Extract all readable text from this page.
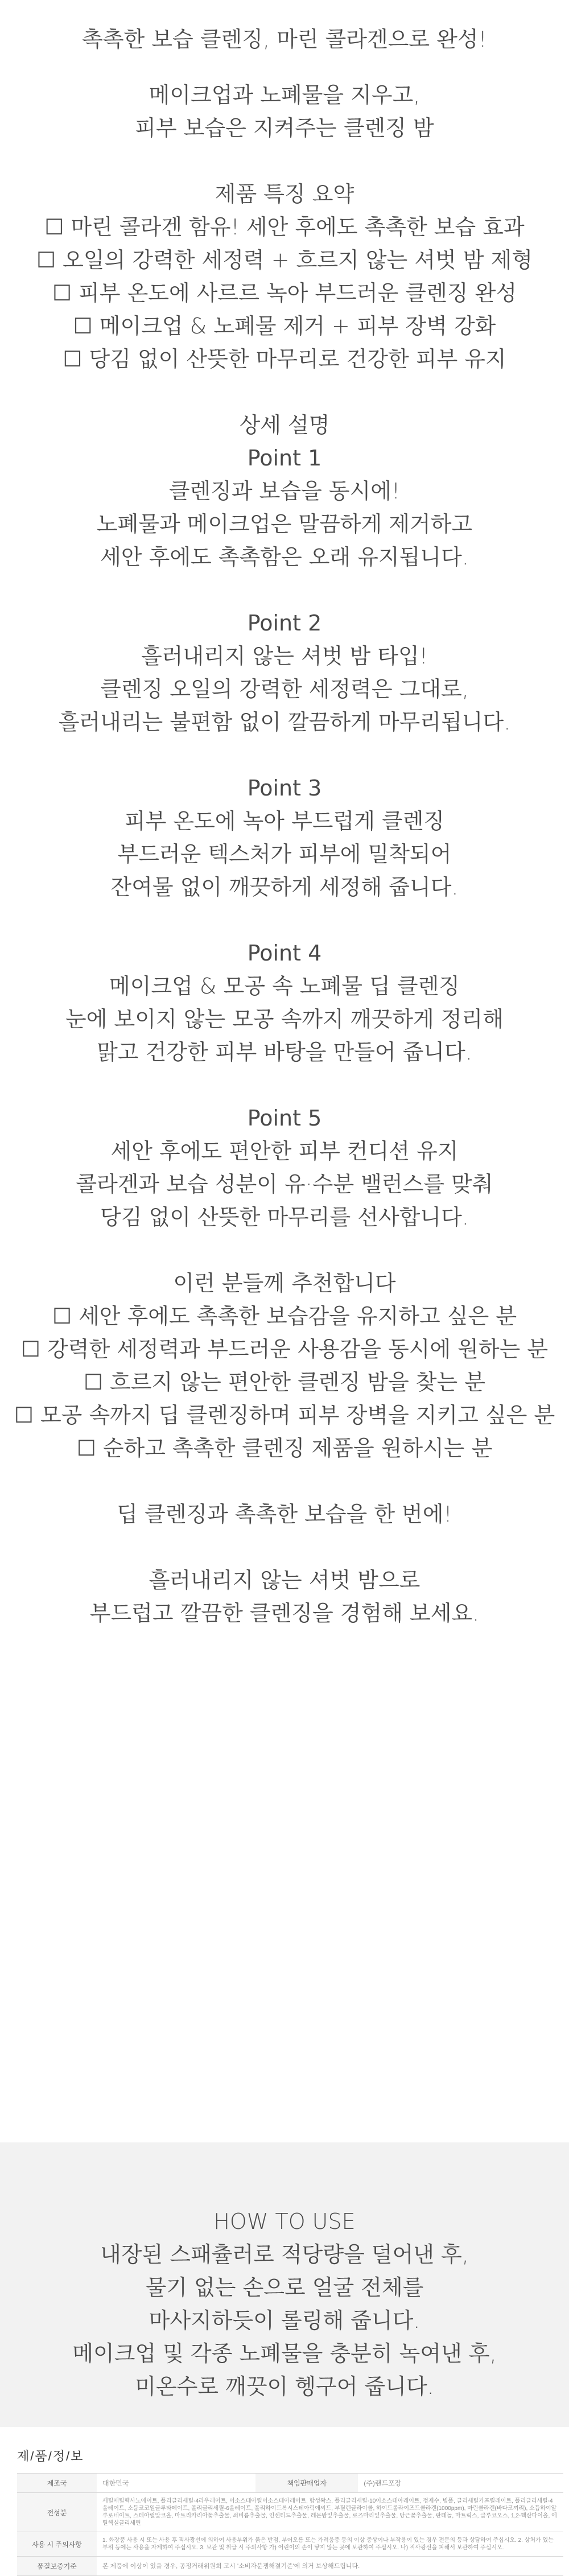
촉촉한 보습 클렌징, 마린 콜라겐으로 완성!
메이크업과 노폐물을 지우고,
피부 보습은 지켜주는 클렌징 밤
제품 특징 요약
☐ 마린 콜라겐 함유! 세안 후에도 촉촉한 보습 효과
☐ 오일의 강력한 세정력 + 흐르지 않는 셔벗 밤 제형
☐ 피부 온도에 사르르 녹아 부드러운 클렌징 완성
☐ 메이크업 & 노폐물 제거 + 피부 장벽 강화
☐ 당김 없이 산뜻한 마무리로 건강한 피부 유지
상세 설명
Point 1
클렌징과 보습을 동시에!
노폐물과 메이크업은 말끔하게 제거하고
세안 후에도 촉촉함은 오래 유지됩니다.
Point 2
흘러내리지 않는 셔벗 밤 타입!
클렌징 오일의 강력한 세정력은 그대로,
흘러내리는 불편함 없이 깔끔하게 마무리됩니다.
Point 3
피부 온도에 녹아 부드럽게 클렌징
부드러운 텍스처가 피부에 밀착되어
잔여물 없이 깨끗하게 세정해 줍니다.
Point 4
메이크업 & 모공 속 노폐물 딥 클렌징
눈에 보이지 않는 모공 속까지 깨끗하게 정리해
맑고 건강한 피부 바탕을 만들어 줍니다.
Point 5
세안 후에도 편안한 피부 컨디션 유지
콜라겐과 보습 성분이 유·수분 밸런스를 맞춰
당김 없이 산뜻한 마무리를 선사합니다.
이런 분들께 추천합니다
☐ 세안 후에도 촉촉한 보습감을 유지하고 싶은 분
☐ 강력한 세정력과 부드러운 사용감을 동시에 원하는 분
☐ 흐르지 않는 편안한 클렌징 밤을 찾는 분
☐ 모공 속까지 딥 클렌징하며 피부 장벽을 지키고 싶은 분
☐ 순하고 촉촉한 클렌징 제품을 원하시는 분
딥 클렌징과 촉촉한 보습을 한 번에!
흘러내리지 않는 셔벗 밤으로
부드럽고 깔끔한 클렌징을 경험해 보세요.
HOW TO USE
내장된 스패츌러로 적당량을 덜어낸 후,
물기 없는 손으로 얼굴 전체를
마사지하듯이 롤링해 줍니다.
메이크업 및 각종 노폐물을 충분히 녹여낸 후,
미온수로 깨끗이 헹구어 줍니다.
제/품/정/보
제조국	대한민국	책임판매업자	(주)랜드포장
전성분	세틸에틸헥사노에이트, 폴리글리세릴-4라우레이트, 이소스테아릴이소스테아레이트, 합성왁스, 폴리글리세릴-10이소스테아레이트, 정제수, 병풀, 글리세릴카프릴레이트, 폴리글리세릴-4올레이트, 소듐코코일글루타메이트, 폴리글리세릴-6올레이트, 폴리하이드록시스테아릭애씨드, 부틸렌글라이콜, 하이드롤라이즈드콜라겐(1000ppm), 마린콜라겐(바다코끼리), 소듐하이알루로네이트, 스테아릴알코올, 마트리카리아꽃추출물, 쇠비름추출물, 인센티드추출물, 레몬밤잎추출물, 로즈마리잎추출물, 당근꽃추출물, 판테놀, 마트릭스, 글루코오스, 1,2-헥산다이올, 에틸헥실글리세린		
사용 시 주의사항	1. 화장품 사용 시 또는 사용 후 직사광선에 의하여 사용부위가 붉은 반점, 부어오름 또는 가려움증 등의 이상 증상이나 부작용이 있는 경우 전문의 등과 상담하여 주십시오. 2. 상처가 있는 부위 등에는 사용을 자제하여 주십시오. 3. 보관 및 취급 시 주의사항 가) 어린이의 손이 닿지 않는 곳에 보관하여 주십시오. 나) 직사광선을 피해서 보관하여 주십시오.		
품질보증기준	본 제품에 이상이 있을 경우, 공정거래위원회 고시 '소비자분쟁해결기준'에 의거 보상해드립니다.		
